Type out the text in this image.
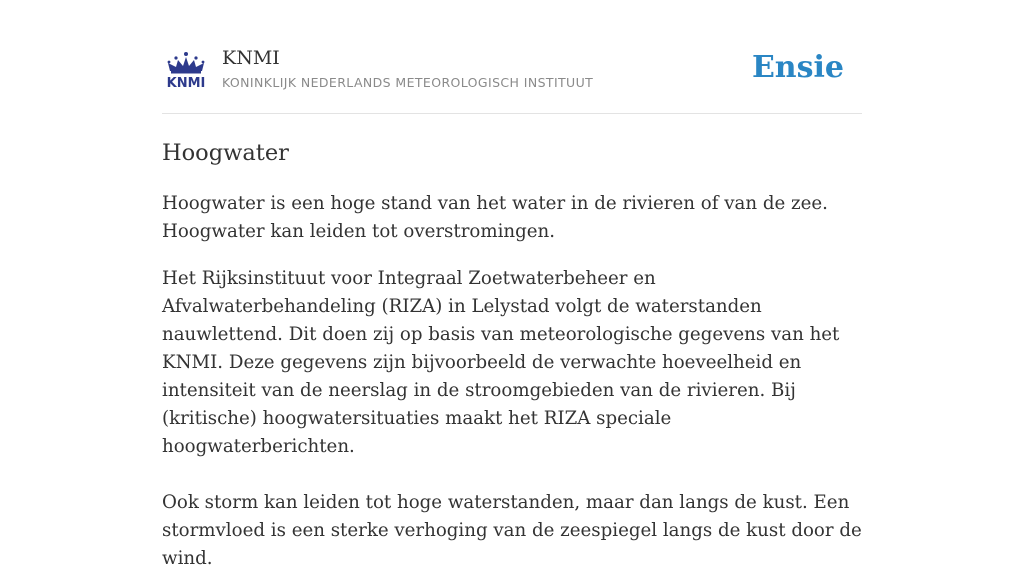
KNMI
KNMI
KONINKLIJK NEDERLANDS METEOROLOGISCH INSTITUUT	Ensie
Hoogwater

Hoogwater is een hoge stand van het water in de rivieren of van de zee. Hoogwater kan leiden tot overstromingen.

Het Rijksinstituut voor Integraal Zoetwaterbeheer en Afvalwaterbehandeling (RIZA) in Lelystad volgt de waterstanden nauwlettend. Dit doen zij op basis van meteorologische gegevens van het KNMI. Deze gegevens zijn bijvoorbeeld de verwachte hoeveelheid en intensiteit van de neerslag in de stroomgebieden van de rivieren. Bij (kritische) hoogwatersituaties maakt het RIZA speciale hoogwaterberichten.

Ook storm kan leiden tot hoge waterstanden, maar dan langs de kust. Een stormvloed is een sterke verhoging van de zeespiegel langs de kust door de wind.
